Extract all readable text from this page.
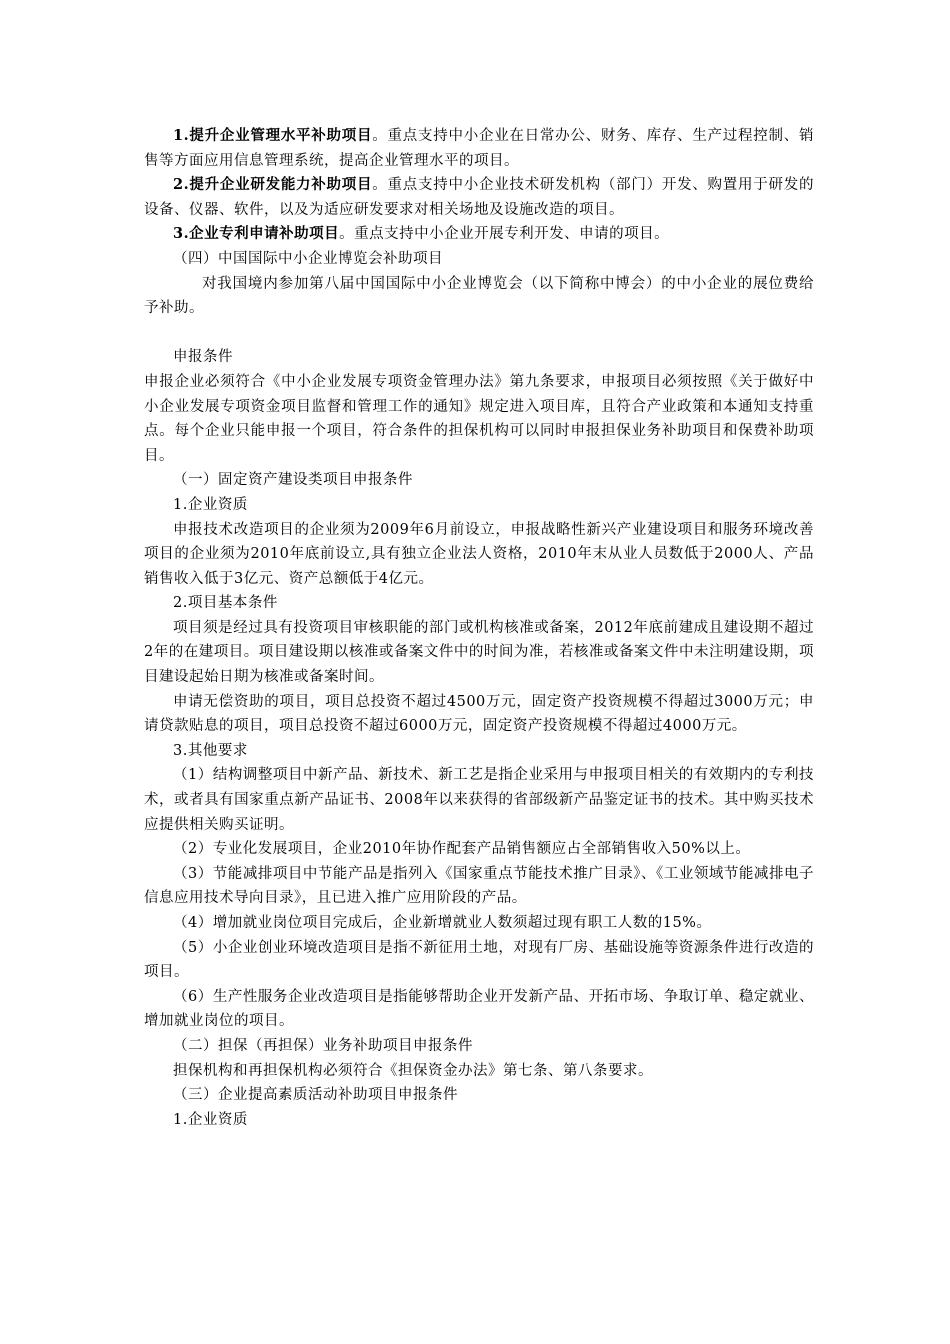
1.提升企业管理水平补助项目。重点支持中小企业在日常办公、财务、库存、生产过程控制、销售等方面应用信息管理系统，提高企业管理水平的项目。

2.提升企业研发能力补助项目。重点支持中小企业技术研发机构（部门）开发、购置用于研发的设备、仪器、软件，以及为适应研发要求对相关场地及设施改造的项目。

3.企业专利申请补助项目。重点支持中小企业开展专利开发、申请的项目。

（四）中国国际中小企业博览会补助项目

对我国境内参加第八届中国国际中小企业博览会（以下简称中博会）的中小企业的展位费给予补助。

申报条件

申报企业必须符合《中小企业发展专项资金管理办法》第九条要求，申报项目必须按照《关于做好中小企业发展专项资金项目监督和管理工作的通知》规定进入项目库，且符合产业政策和本通知支持重点。每个企业只能申报一个项目，符合条件的担保机构可以同时申报担保业务补助项目和保费补助项目。

（一）固定资产建设类项目申报条件

1.企业资质

申报技术改造项目的企业须为2009年6月前设立，申报战略性新兴产业建设项目和服务环境改善项目的企业须为2010年底前设立,具有独立企业法人资格，2010年末从业人员数低于2000人、产品销售收入低于3亿元、资产总额低于4亿元。

2.项目基本条件

项目须是经过具有投资项目审核职能的部门或机构核准或备案，2012年底前建成且建设期不超过2年的在建项目。项目建设期以核准或备案文件中的时间为准，若核准或备案文件中未注明建设期，项目建设起始日期为核准或备案时间。

申请无偿资助的项目，项目总投资不超过4500万元，固定资产投资规模不得超过3000万元；申请贷款贴息的项目，项目总投资不超过6000万元，固定资产投资规模不得超过4000万元。

3.其他要求

（1）结构调整项目中新产品、新技术、新工艺是指企业采用与申报项目相关的有效期内的专利技术，或者具有国家重点新产品证书、2008年以来获得的省部级新产品鉴定证书的技术。其中购买技术应提供相关购买证明。

（2）专业化发展项目，企业2010年协作配套产品销售额应占全部销售收入50%以上。

（3）节能减排项目中节能产品是指列入《国家重点节能技术推广目录》、《工业领域节能减排电子信息应用技术导向目录》，且已进入推广应用阶段的产品。

（4）增加就业岗位项目完成后，企业新增就业人数须超过现有职工人数的15%。

（5）小企业创业环境改造项目是指不新征用土地，对现有厂房、基础设施等资源条件进行改造的项目。

（6）生产性服务企业改造项目是指能够帮助企业开发新产品、开拓市场、争取订单、稳定就业、增加就业岗位的项目。

（二）担保（再担保）业务补助项目申报条件

担保机构和再担保机构必须符合《担保资金办法》第七条、第八条要求。

（三）企业提高素质活动补助项目申报条件

1.企业资质
